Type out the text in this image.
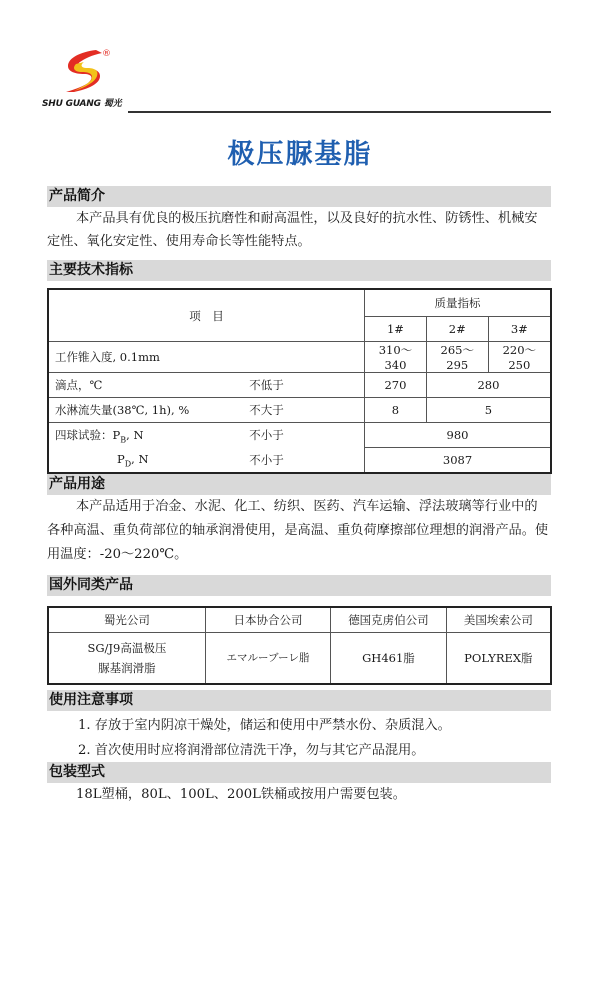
®
SHU GUANG 蜀光
极压脲基脂
产品简介
本产品具有优良的极压抗磨性和耐高温性，以及良好的抗水性、防锈性、机械安
定性、氧化安定性、使用寿命长等性能特点。
主要技术指标
项　目		质量指标		
		1#	2#	3#
工作锥入度, 0.1mm		310～340	265～295	220～250
滴点，℃	不低于	270	280	
水淋流失量(38℃, 1h), %	不大于	8	5	
四球试验：$P_B$, N	不小于	980		
$P_D$, N	不小于	3087		
产品用途
本产品适用于冶金、水泥、化工、纺织、医药、汽车运输、浮法玻璃等行业中的
各种高温、重负荷部位的轴承润滑使用，是高温、重负荷摩擦部位理想的润滑产品。使
用温度：-20～220℃。
国外同类产品
蜀光公司	日本协合公司	德国克虏伯公司	美国埃索公司

SG/J9高温极压
脲基润滑脂	エマルーブーレ脂	GH461脂	POLYREX脂
使用注意事项
1. 存放于室内阴凉干燥处，储运和使用中严禁水份、杂质混入。
2. 首次使用时应将润滑部位清洗干净，勿与其它产品混用。
包装型式
18L塑桶，80L、100L、200L铁桶或按用户需要包装。
